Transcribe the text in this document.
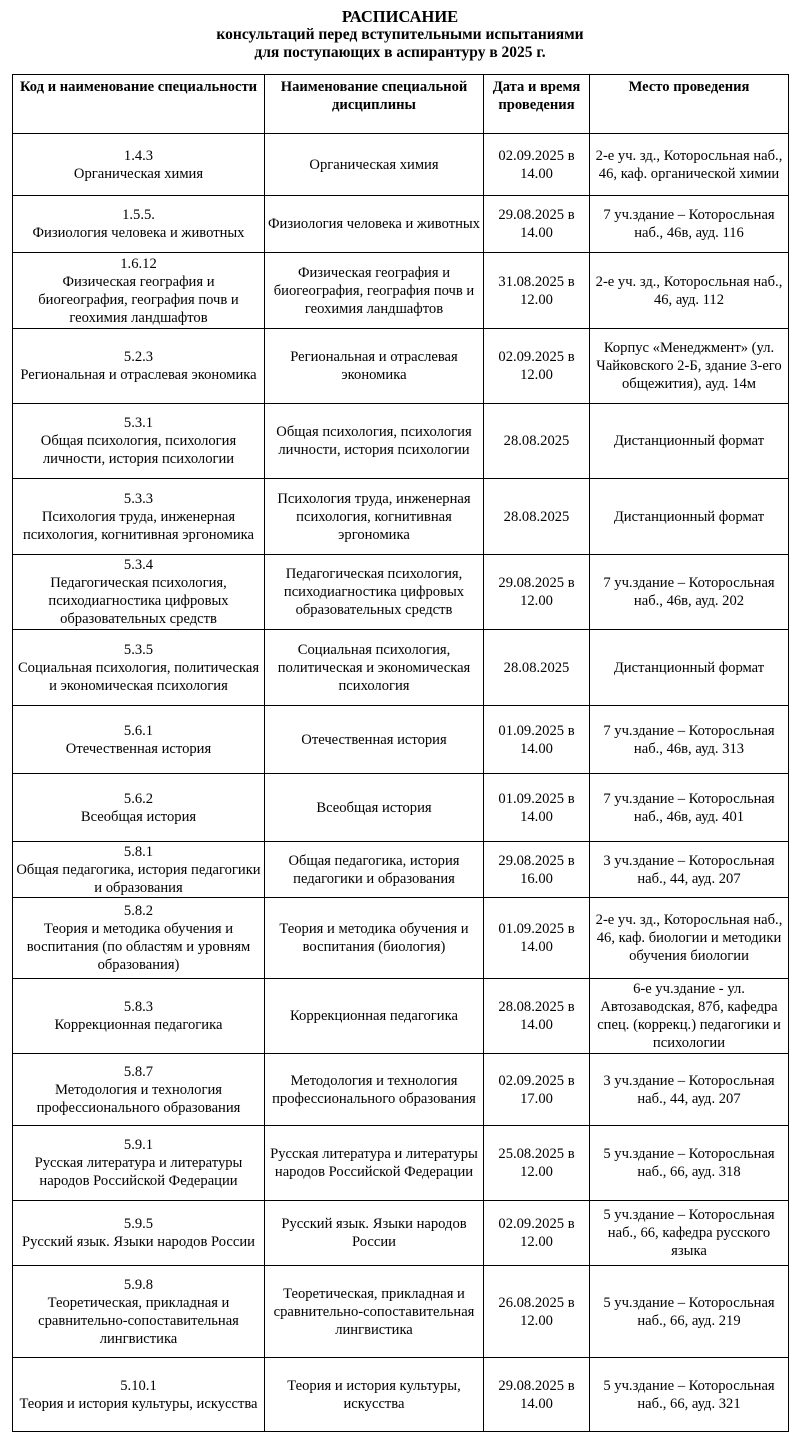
РАСПИСАНИЕ
консультаций перед вступительными испытаниями
для поступающих в аспирантуру в 2025 г.
Код и наименование специальности	Наименование специальной дисциплины	Дата и время проведения	Место проведения

1.4.3
Органическая химия	Органическая химия	02.09.2025 в 14.00	2-е уч. зд., Которосльная наб., 46, каф. органической химии

1.5.5.
Физиология человека и животных	Физиология человека и животных	29.08.2025 в 14.00	7 уч.здание – Которосльная наб., 46в, ауд. 116

1.6.12
Физическая география и биогеография, география почв и геохимия ландшафтов	Физическая география и биогеография, география почв и геохимия ландшафтов	31.08.2025 в 12.00	2-е уч. зд., Которосльная наб., 46, ауд. 112

5.2.3
Региональная и отраслевая экономика	Региональная и отраслевая экономика	02.09.2025 в 12.00	Корпус «Менеджмент» (ул. Чайковского 2-Б, здание 3-его общежития), ауд. 14м

5.3.1
Общая психология, психология личности, история психологии	Общая психология, психология личности, история психологии	28.08.2025	Дистанционный формат

5.3.3
Психология труда, инженерная психология, когнитивная эргономика	Психология труда, инженерная психология, когнитивная эргономика	28.08.2025	Дистанционный формат

5.3.4
Педагогическая психология, психодиагностика цифровых образовательных средств	Педагогическая психология, психодиагностика цифровых образовательных средств	29.08.2025 в 12.00	7 уч.здание – Которосльная наб., 46в, ауд. 202

5.3.5
Социальная психология, политическая и экономическая психология	Социальная психология, политическая и экономическая психология	28.08.2025	Дистанционный формат

5.6.1
Отечественная история	Отечественная история	01.09.2025 в 14.00	7 уч.здание – Которосльная наб., 46в, ауд. 313

5.6.2
Всеобщая история	Всеобщая история	01.09.2025 в 14.00	7 уч.здание – Которосльная наб., 46в, ауд. 401

5.8.1
Общая педагогика, история педагогики и образования	Общая педагогика, история педагогики и образования	29.08.2025 в 16.00	3 уч.здание – Которосльная наб., 44, ауд. 207

5.8.2
Теория и методика обучения и воспитания (по областям и уровням образования)	Теория и методика обучения и воспитания (биология)	01.09.2025 в 14.00	2-е уч. зд., Которосльная наб., 46, каф. биологии и методики обучения биологии

5.8.3
Коррекционная педагогика	Коррекционная педагогика	28.08.2025 в 14.00	6-е уч.здание - ул. Автозаводская, 87б, кафедра спец. (коррекц.) педагогики и психологии

5.8.7
Методология и технология профессионального образования	Методология и технология профессионального образования	02.09.2025 в 17.00	3 уч.здание – Которосльная наб., 44, ауд. 207

5.9.1
Русская литература и литературы народов Российской Федерации	Русская литература и литературы народов Российской Федерации	25.08.2025 в 12.00	5 уч.здание – Которосльная наб., 66, ауд. 318

5.9.5
Русский язык. Языки народов России	Русский язык. Языки народов России	02.09.2025 в 12.00	5 уч.здание – Которосльная наб., 66, кафедра русского языка

5.9.8
Теоретическая, прикладная и сравнительно-сопоставительная лингвистика	Теоретическая, прикладная и сравнительно-сопоставительная лингвистика	26.08.2025 в 12.00	5 уч.здание – Которосльная наб., 66, ауд. 219

5.10.1
Теория и история культуры, искусства	Теория и история культуры, искусства	29.08.2025 в 14.00	5 уч.здание – Которосльная наб., 66, ауд. 321
